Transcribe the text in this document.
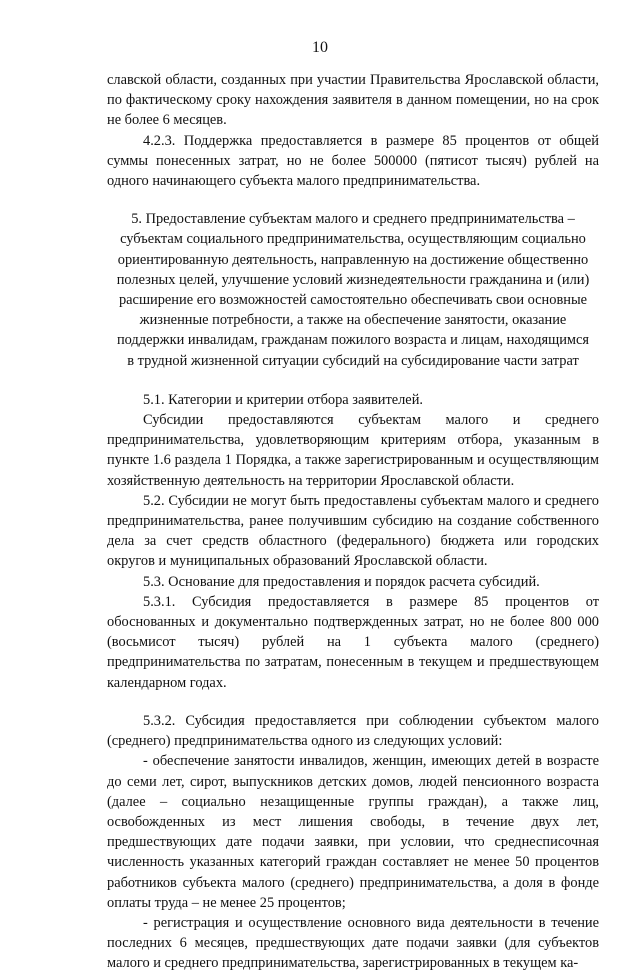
10

славской области, созданных при участии Правительства Ярославской области, по фактическому сроку нахождения заявителя в данном помещении, но на срок не более 6 месяцев.

4.2.3. Поддержка предоставляется в размере 85 процентов от общей суммы понесенных затрат, но не более 500000 (пятисот тысяч) рублей на одного начинающего субъекта малого предпринимательства.

5. Предоставление субъектам малого и среднего предпринимательства –
субъектам социального предпринимательства, осуществляющим социально
ориентированную деятельность, направленную на достижение общественно
полезных целей, улучшение условий жизнедеятельности гражданина и (или)
расширение его возможностей самостоятельно обеспечивать свои основные
жизненные потребности, а также на обеспечение занятости, оказание
поддержки инвалидам, гражданам пожилого возраста и лицам, находящимся
в трудной жизненной ситуации субсидий на субсидирование части затрат

5.1. Категории и критерии отбора заявителей.

Субсидии предоставляются субъектам малого и среднего предпринимательства, удовлетворяющим критериям отбора, указанным в пункте 1.6 раздела 1 Порядка, а также зарегистрированным и осуществляющим хозяйственную деятельность на территории Ярославской области.

5.2. Субсидии не могут быть предоставлены субъектам малого и среднего предпринимательства, ранее получившим субсидию на создание собственного дела за счет средств областного (федерального) бюджета или городских округов и муниципальных образований Ярославской области.

5.3. Основание для предоставления и порядок расчета субсидий.

5.3.1. Субсидия предоставляется в размере 85 процентов от обоснованных и документально подтвержденных затрат, но не более 800 000 (восьмисот тысяч) рублей на 1 субъекта малого (среднего) предпринимательства по затратам, понесенным в текущем и предшествующем календарном годах.

5.3.2. Субсидия предоставляется при соблюдении субъектом малого (среднего) предпринимательства одного из следующих условий:

- обеспечение занятости инвалидов, женщин, имеющих детей в возрасте до семи лет, сирот, выпускников детских домов, людей пенсионного возраста (далее – социально незащищенные группы граждан), а также лиц, освобожденных из мест лишения свободы, в течение двух лет, предшествующих дате подачи заявки, при условии, что среднесписочная численность указанных категорий граждан составляет не менее 50 процентов работников субъекта малого (среднего) предпринимательства, а доля в фонде оплаты труда – не менее 25 процентов;

- регистрация и осуществление основного вида деятельности в течение последних 6 месяцев, предшествующих дате подачи заявки (для субъектов малого и среднего предпринимательства, зарегистрированных в текущем ка-
